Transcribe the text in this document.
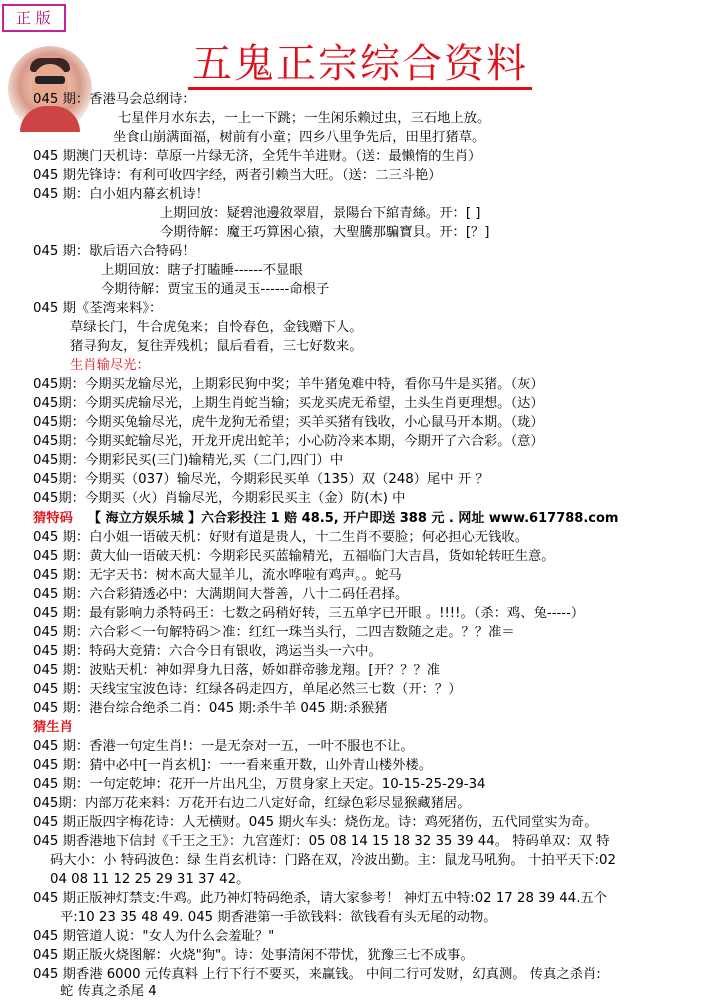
正 版
五鬼正宗综合资料
045 期：香港马会总纲诗：
七星伴月水东去，一上一下跳；一生闲乐赖过虫，三石地上放。
坐食山崩满面福，树前有小童；四乡八里争先后，田里打猪草。
045 期澳门天机诗：草原一片绿无济，全凭牛羊进财。（送：最懒惰的生肖）
045 期先锋诗：有利可收四字经，两者引赖当大旺。（送：二三斗艳）
045 期：白小姐内幕玄机诗！
上期回放：疑碧池邊敘翠眉，景陽台下綰青絲。开：[ ]
今期待解：魔王巧算困心猿，大聖騰那騙寶貝。开：[？]
045 期：歇后语六合特码！
上期回放：瞎子打瞌睡------不显眼
今期待解：贾宝玉的通灵玉------命根子
045 期《荃湾来料》：
草绿长门，牛合虎兔来；自怜春色，金钱赠下人。
猪寻狗友，复往弄残机；鼠后看看，三七好数来。
生肖输尽光：
045期：今期买龙输尽光，上期彩民狗中奖；羊牛猪兔难中特，看你马牛是买猪。（灰）
045期：今期买虎输尽光，上期生肖蛇当输；买龙买虎无希望，土头生肖更理想。（达）
045期：今期买兔输尽光，虎牛龙狗无希望；买羊买猪有钱收，小心鼠马开本期。（珑）
045期：今期买蛇输尽光，开龙开虎出蛇羊；小心防冷来本期，今期开了六合彩。（意）
045期：今期彩民买(三门)输精光,买（二门,四门）中
045期：今期买（037）输尽光，今期彩民买单（135）双（248）尾中 开 ？
045期：今期买（火）肖输尽光，今期彩民买主（金）防(木) 中
猜特码 【 海立方娱乐城 】六合彩投注 1 赔 48.5, 开户即送 388 元 . 网址 www.617788.com
045 期：白小姐一语破天机：好财有道是贵人，十二生肖不要脸；何必担心无钱收。
045 期：黄大仙一语破天机：今期彩民买蓝输精光，五福临门大吉昌，货如轮转旺生意。
045 期：无字天书：树木高大显羊儿，流水哗啦有鸡声。。蛇马
045 期：六合彩猜透必中：大满期间大誉善，八十二码任君择。
045 期：最有影响力杀特码王：七数之码稍好转，三五单字已开眼 。!!!!。（杀：鸡、兔-----）
045 期：六合彩＜一句解特码＞准：红红一珠当头行，二四吉数随之走。？？准＝
045 期：特码大竞猜：六合今日有银收，鸿运当头一六中。
045 期：波贴天机：神如羿身九日落，娇如群帝骖龙翔。[开？？？准
045 期：天线宝宝波色诗：红绿各码走四方，单尾必然三七数（开：？）
045 期：港台综合绝杀二肖：045 期:杀牛羊 045 期:杀猴猪
猜生肖
045 期：香港一句定生肖!：一是无奈对一五，一叶不服也不让。
045 期：猜中必中[一肖玄机]：一一看来重开数，山外青山楼外楼。
045 期：一句定乾坤：花开一片出凡尘，万贯身家上天定。10-15-25-29-34
045期：内部万花来料：万花开右边二八定好命，红绿色彩尽显猴藏猪居。
045 期正版四字梅花诗：人无横财。045 期火车头：烧伤龙。诗：鸡死猪伤，五代同堂实为奇。
045 期香港地下信封《千王之王》：九宫莲灯：05 08 14 15 18 32 35 39 44。 特码单双：双 特
码大小：小 特码波色：绿 生肖玄机诗：门路在双，冷波出勤。主：鼠龙马吼狗。 十拍平天下:02
04 08 11 12 25 29 31 37 42。
045 期正版神灯禁支:牛鸡。此乃神灯特码绝杀，请大家参考！ 神灯五中特:02 17 28 39 44.五个
平:10 23 35 48 49. 045 期香港第一手欲钱料：欲钱看有头无尾的动物。
045 期管道人说："女人为什么会羞耻？"
045 期正版火烧图解：火烧"狗"。诗：处事清闲不带忧，犹豫三七不成事。
045 期香港 6000 元传真料 上行下行不要买，来赢钱。 中间二行可发财，幻真测。 传真之杀肖:
蛇 传真之杀尾 4
